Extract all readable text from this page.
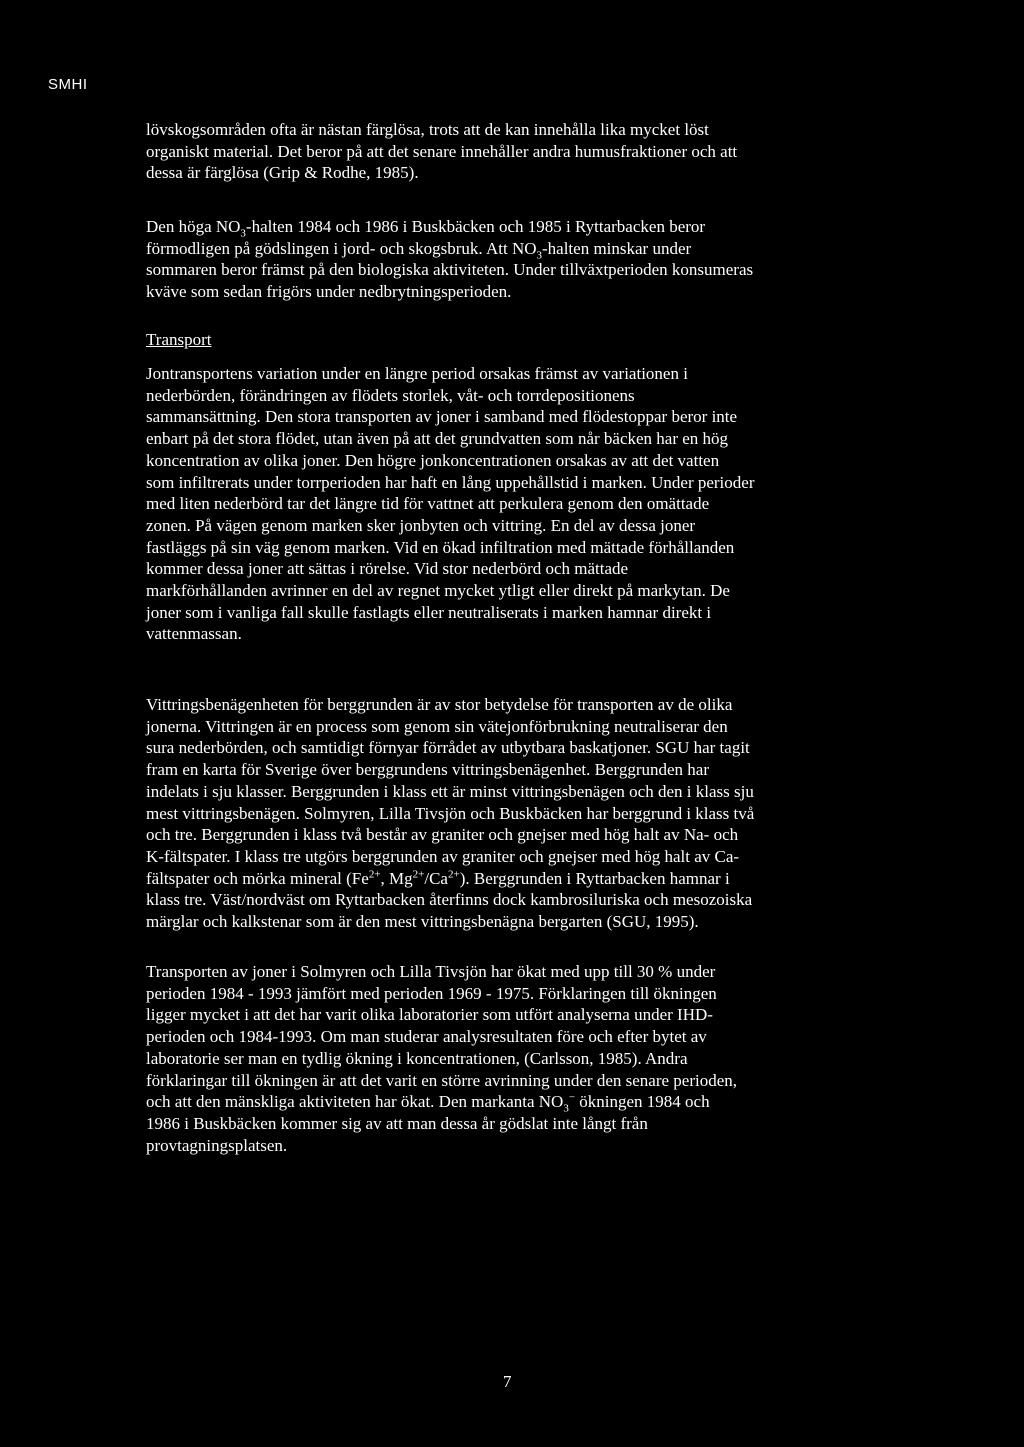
SMHI
lövskogsområden ofta är nästan färglösa, trots att de kan innehålla lika mycket löst
organiskt material. Det beror på att det senare innehåller andra humusfraktioner och att
dessa är färglösa (Grip & Rodhe, 1985).
Den höga $NO_3$-halten 1984 och 1986 i Buskbäcken och 1985 i Ryttarbacken beror
förmodligen på gödslingen i jord- och skogsbruk. Att $NO_3$-halten minskar under
sommaren beror främst på den biologiska aktiviteten. Under tillväxtperioden konsumeras
kväve som sedan frigörs under nedbrytningsperioden.
Transport
Jontransportens variation under en längre period orsakas främst av variationen i
nederbörden, förändringen av flödets storlek, våt- och torrdepositionens
sammansättning. Den stora transporten av joner i samband med flödestoppar beror inte
enbart på det stora flödet, utan även på att det grundvatten som når bäcken har en hög
koncentration av olika joner. Den högre jonkoncentrationen orsakas av att det vatten
som infiltrerats under torrperioden har haft en lång uppehållstid i marken. Under perioder
med liten nederbörd tar det längre tid för vattnet att perkulera genom den omättade
zonen. På vägen genom marken sker jonbyten och vittring. En del av dessa joner
fastläggs på sin väg genom marken. Vid en ökad infiltration med mättade förhållanden
kommer dessa joner att sättas i rörelse. Vid stor nederbörd och mättade
markförhållanden avrinner en del av regnet mycket ytligt eller direkt på markytan. De
joner som i vanliga fall skulle fastlagts eller neutraliserats i marken hamnar direkt i
vattenmassan.
Vittringsbenägenheten för berggrunden är av stor betydelse för transporten av de olika
jonerna. Vittringen är en process som genom sin vätejonförbrukning neutraliserar den
sura nederbörden, och samtidigt förnyar förrådet av utbytbara baskatjoner. SGU har tagit
fram en karta för Sverige över berggrundens vittringsbenägenhet. Berggrunden har
indelats i sju klasser. Berggrunden i klass ett är minst vittringsbenägen och den i klass sju
mest vittringsbenägen. Solmyren, Lilla Tivsjön och Buskbäcken har berggrund i klass två
och tre. Berggrunden i klass två består av graniter och gnejser med hög halt av Na- och
K-fältspater. I klass tre utgörs berggrunden av graniter och gnejser med hög halt av Ca-
fältspater och mörka mineral ($Fe^{2+}$, $Mg^{2+}/Ca^{2+}$). Berggrunden i Ryttarbacken hamnar i
klass tre. Väst/nordväst om Ryttarbacken återfinns dock kambrosiluriska och mesozoiska
märglar och kalkstenar som är den mest vittringsbenägna bergarten (SGU, 1995).
Transporten av joner i Solmyren och Lilla Tivsjön har ökat med upp till 30 % under
perioden 1984 - 1993 jämfört med perioden 1969 - 1975. Förklaringen till ökningen
ligger mycket i att det har varit olika laboratorier som utfört analyserna under IHD-
perioden och 1984-1993. Om man studerar analysresultaten före och efter bytet av
laboratorie ser man en tydlig ökning i koncentrationen, (Carlsson, 1985). Andra
förklaringar till ökningen är att det varit en större avrinning under den senare perioden,
och att den mänskliga aktiviteten har ökat. Den markanta $NO_3^-$ ökningen 1984 och
1986 i Buskbäcken kommer sig av att man dessa år gödslat inte långt från
provtagningsplatsen.
7
